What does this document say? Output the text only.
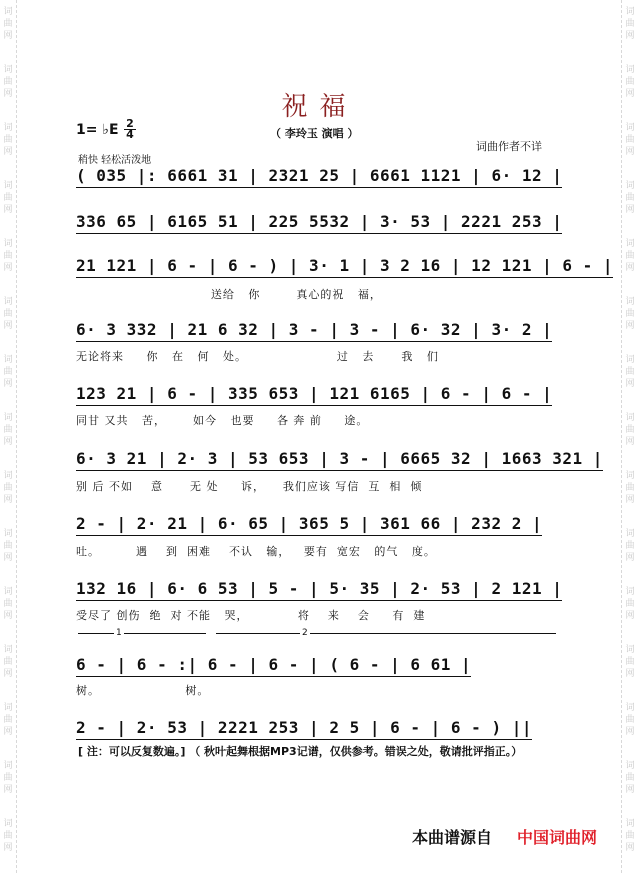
词
曲
网
词
曲
网
词
曲
网
词
曲
网
词
曲
网
词
曲
网
词
曲
网
词
曲
网
词
曲
网
词
曲
网
词
曲
网
词
曲
网
词
曲
网
词
曲
网
词
曲
网
词
曲
网
词
曲
网
词
曲
网
词
曲
网
词
曲
网
词
曲
网
词
曲
网
词
曲
网
词
曲
网
词
曲
网
词
曲
网
词
曲
网
词
曲
网
词
曲
网
词
曲
网
祝福
1= ♭E $\frac{2}{4}$	（ 李玲玉 演唱 ）
词曲作者不详
稍快 轻松活泼地
( 035 |: 6661 31 | 2321 25 | 6661 1121 | 6· 12 |
336 65 | 6165 51 | 225 5532 | 3· 53 | 2221 253 |
21 121 | 6 - | 6 - ) | 3· 1 | 3 2 16 | 12 121 | 6 - |
送给   你        真心的祝   福，
6· 3 332 | 21 6 32 | 3 - | 3 - | 6· 32 | 3· 2 |
无论将来     你   在   何   处。                    过   去      我   们
123 21 | 6 - | 335 653 | 121 6165 | 6 - | 6 - |
同甘 又共   苦，      如今   也要     各 奔 前     途。
6· 3 21 | 2· 3 | 53 653 | 3 - | 6665 32 | 1663 321 |
别 后 不如    意      无 处     诉，    我们应该 写信  互  相  倾
2 - | 2· 21 | 6· 65 | 365 5 | 361 66 | 232 2 |
吐。        遇    到  困难    不认   输，   要有  宽宏   的气   度。
132 16 | 6· 6 53 | 5 - | 5· 35 | 2· 53 | 2 121 |
受尽了 创伤  绝  对 不能   哭，           将    来    会     有  建
1	2
6 - | 6 - :| 6 - | 6 - | ( 6 - | 6 61 |
树。                   树。
2 - | 2· 53 | 2221 253 | 2 5 | 6 - | 6 - ) ||
[ 注：可以反复数遍。] （ 秋叶起舞根据MP3记谱，仅供参考。错误之处，敬请批评指正。）
本曲谱源自 中国词曲网
